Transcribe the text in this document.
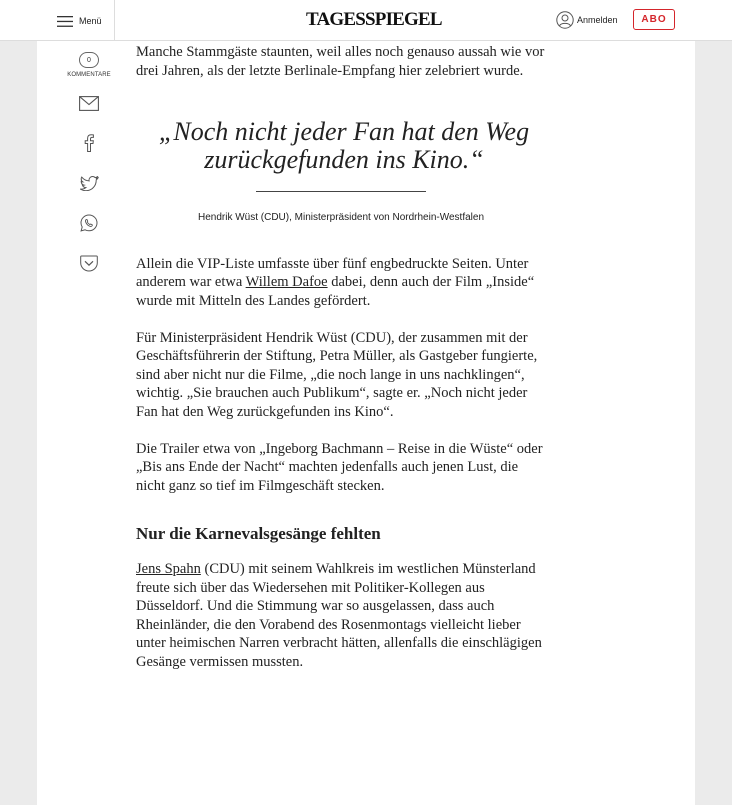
Menü	TAGESSPIEGEL	Anmelden	ABO
0
KOMMENTARE

Manche Stammgäste staunten, weil alles noch genauso aussah wie vor drei Jahren, als der letzte Berlinale-Empfang hier zelebriert wurde.

„Noch nicht jeder Fan hat den Weg zurückgefunden ins Kino.“

Hendrik Wüst (CDU), Ministerpräsident von Nordrhein-Westfalen

Allein die VIP-Liste umfasste über fünf engbedruckte Seiten. Unter anderem war etwa Willem Dafoe dabei, denn auch der Film „Inside“ wurde mit Mitteln des Landes gefördert.

Für Ministerpräsident Hendrik Wüst (CDU), der zusammen mit der Geschäftsführerin der Stiftung, Petra Müller, als Gastgeber fungierte, sind aber nicht nur die Filme, „die noch lange in uns nachklingen“, wichtig. „Sie brauchen auch Publikum“, sagte er. „Noch nicht jeder Fan hat den Weg zurückgefunden ins Kino“.

Die Trailer etwa von „Ingeborg Bachmann – Reise in die Wüste“ oder „Bis ans Ende der Nacht“ machten jedenfalls auch jenen Lust, die nicht ganz so tief im Filmgeschäft stecken.

Nur die Karnevalsgesänge fehlten

Jens Spahn (CDU) mit seinem Wahlkreis im westlichen Münsterland freute sich über das Wiedersehen mit Politiker-Kollegen aus Düsseldorf. Und die Stimmung war so ausgelassen, dass auch Rheinländer, die den Vorabend des Rosenmontags vielleicht lieber unter heimischen Narren verbracht hätten, allenfalls die einschlägigen Gesänge vermissen mussten.
